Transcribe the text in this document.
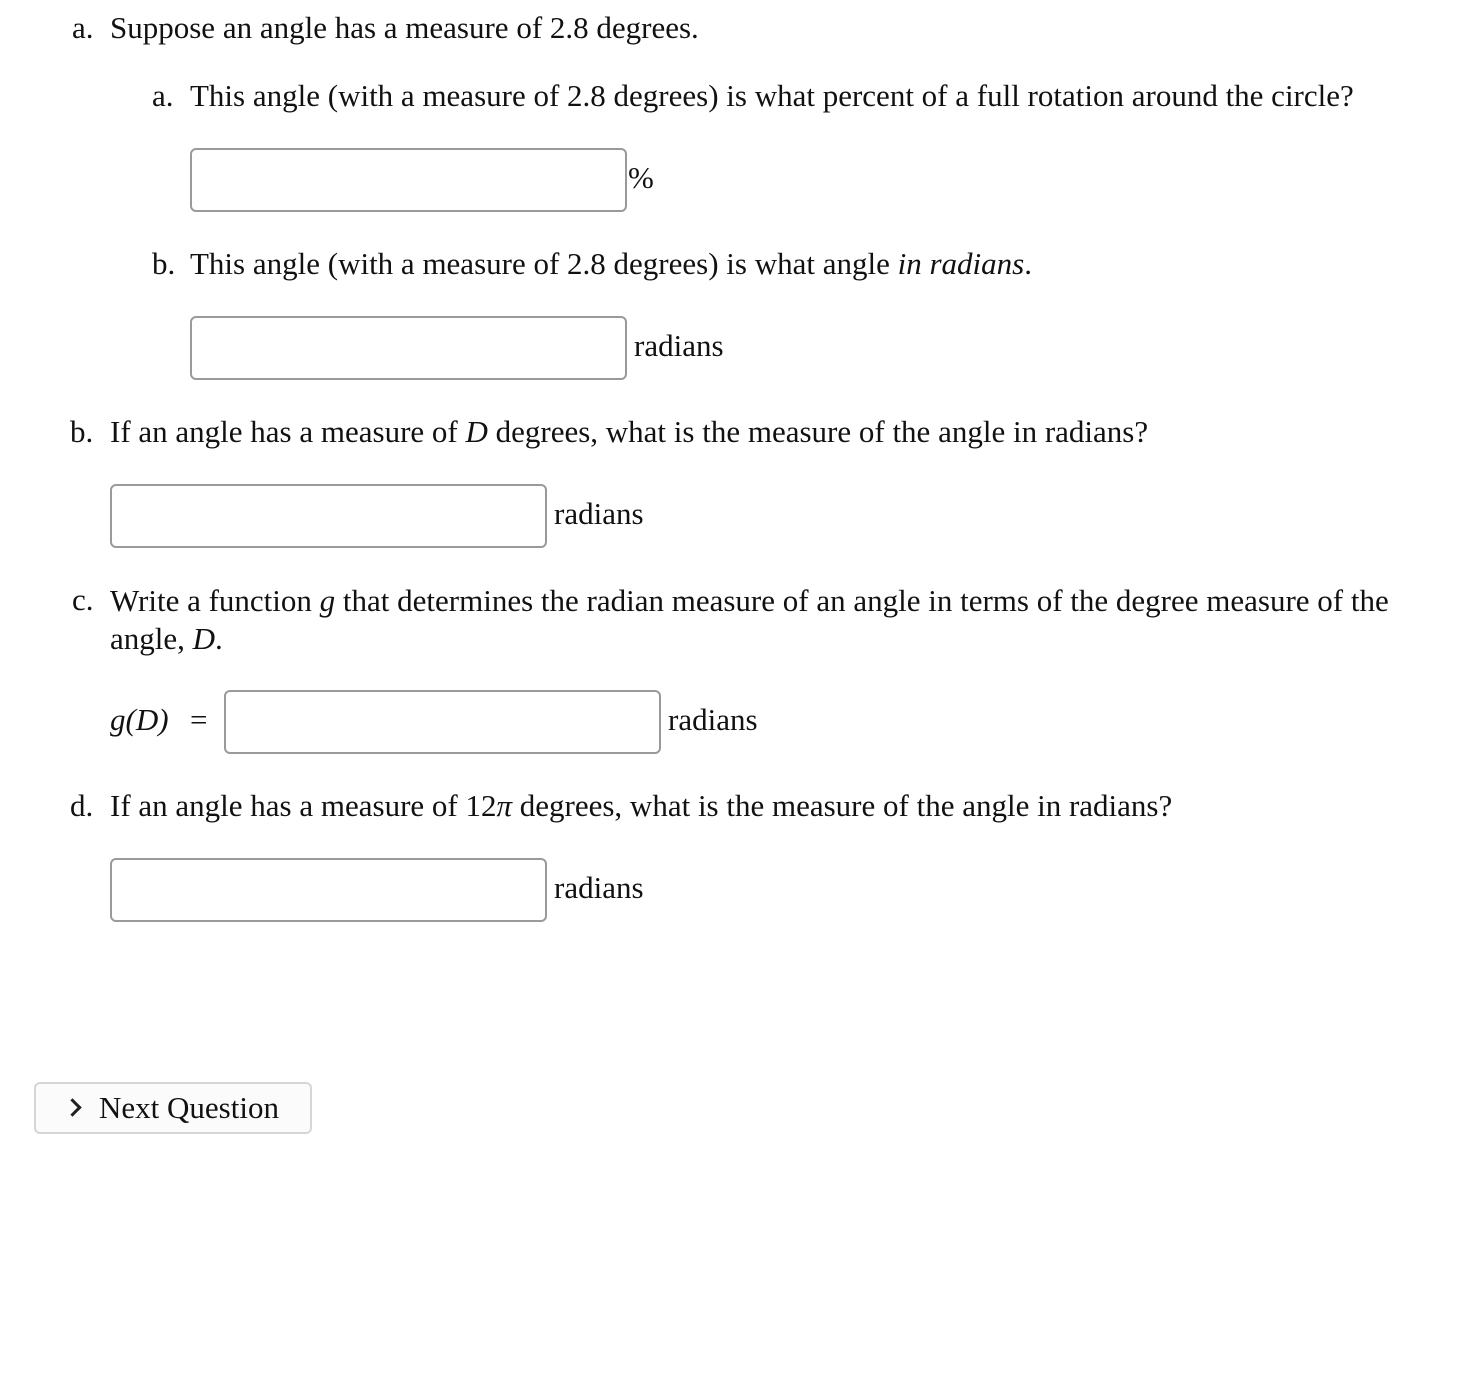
a. Suppose an angle has a measure of 2.8 degrees.
a. This angle (with a measure of 2.8 degrees) is what percent of a full rotation around the circle?
%
b. This angle (with a measure of 2.8 degrees) is what angle in radians.
radians
b. If an angle has a measure of D degrees, what is the measure of the angle in radians?
radians
c. Write a function g that determines the radian measure of an angle in terms of the degree measure of the angle, D.
g(D) =	radians
d. If an angle has a measure of 12π degrees, what is the measure of the angle in radians?
radians
Next Question
